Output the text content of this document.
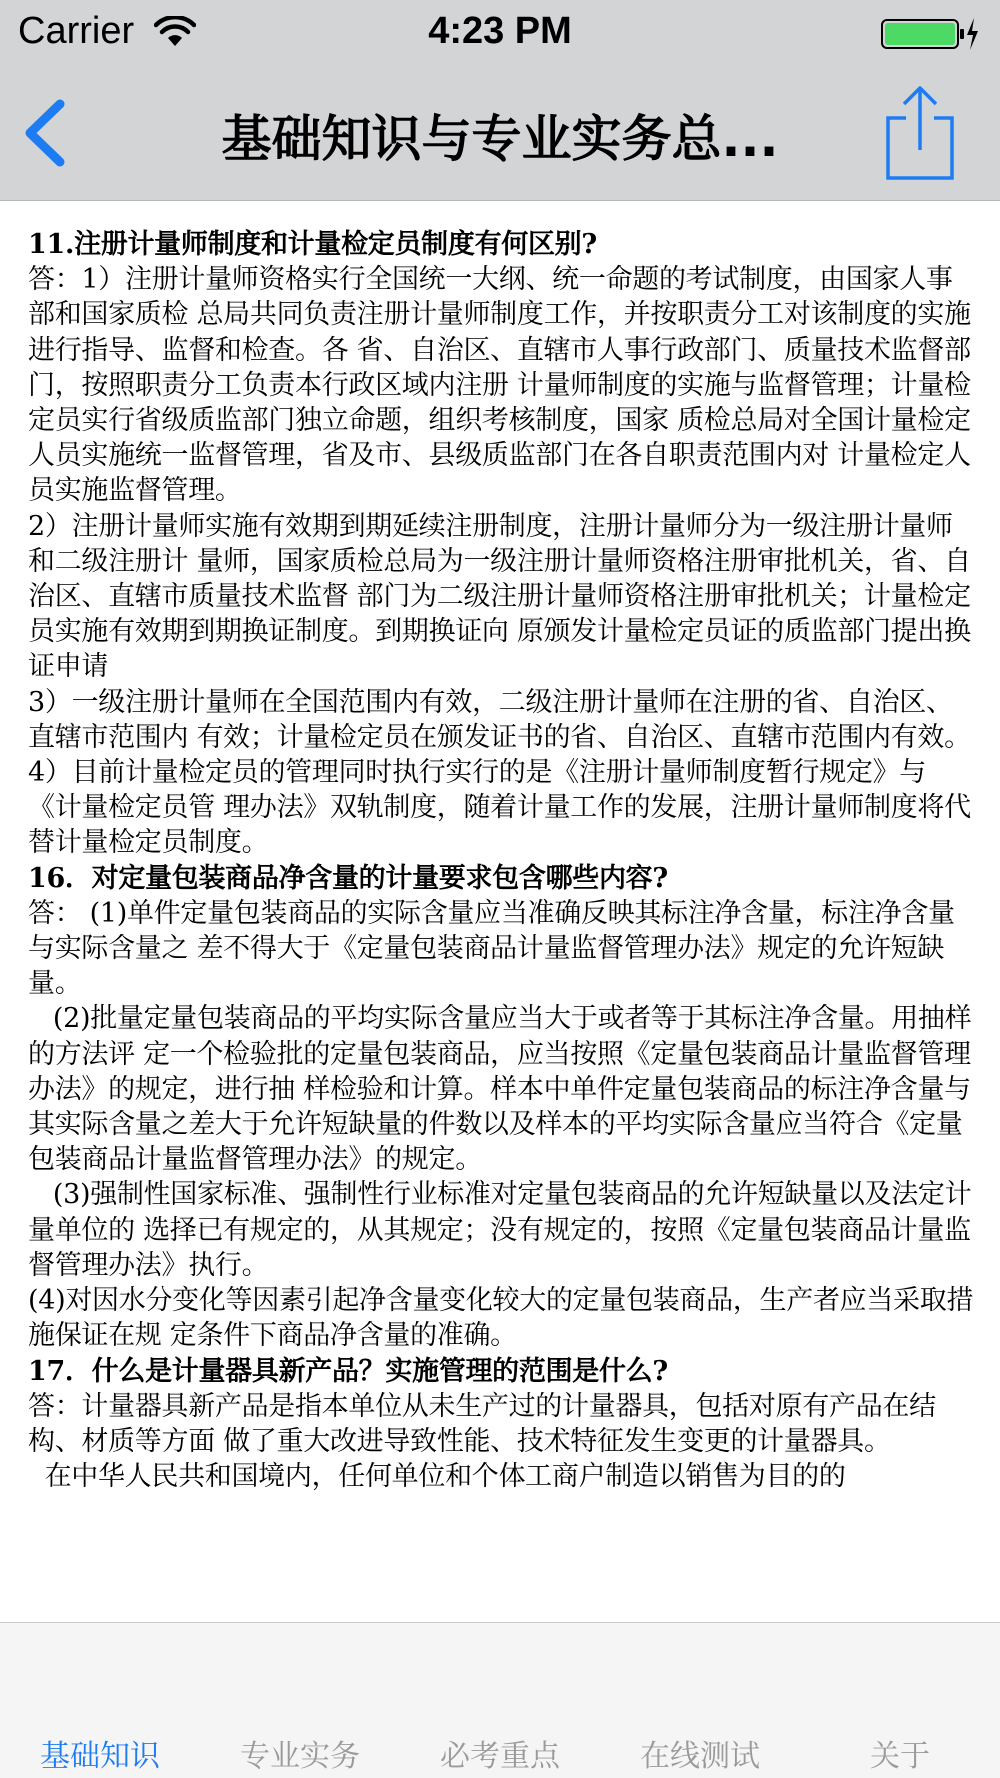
Carrier	4:23 PM
基础知识与专业实务总...

11.注册计量师制度和计量检定员制度有何区别?

答：1）注册计量师资格实行全国统一大纲、统一命题的考试制度，由国家人事部和国家质检 总局共同负责注册计量师制度工作，并按职责分工对该制度的实施进行指导、监督和检查。各 省、自治区、直辖市人事行政部门、质量技术监督部门，按照职责分工负责本行政区域内注册 计量师制度的实施与监督管理；计量检定员实行省级质监部门独立命题，组织考核制度，国家 质检总局对全国计量检定人员实施统一监督管理，省及市、县级质监部门在各自职责范围内对 计量检定人员实施监督管理。

2）注册计量师实施有效期到期延续注册制度，注册计量师分为一级注册计量师和二级注册计 量师，国家质检总局为一级注册计量师资格注册审批机关，省、自治区、直辖市质量技术监督 部门为二级注册计量师资格注册审批机关；计量检定员实施有效期到期换证制度。到期换证向 原颁发计量检定员证的质监部门提出换证申请

3）一级注册计量师在全国范围内有效，二级注册计量师在注册的省、自治区、直辖市范围内 有效；计量检定员在颁发证书的省、自治区、直辖市范围内有效。

4）目前计量检定员的管理同时执行实行的是《注册计量师制度暂行规定》与《计量检定员管 理办法》双轨制度，随着计量工作的发展，注册计量师制度将代替计量检定员制度。

16．对定量包装商品净含量的计量要求包含哪些内容?

答： (1)单件定量包装商品的实际含量应当准确反映其标注净含量，标注净含量与实际含量之 差不得大于《定量包装商品计量监督管理办法》规定的允许短缺量。

(2)批量定量包装商品的平均实际含量应当大于或者等于其标注净含量。用抽样的方法评 定一个检验批的定量包装商品，应当按照《定量包装商品计量监督管理办法》的规定，进行抽 样检验和计算。样本中单件定量包装商品的标注净含量与其实际含量之差大于允许短缺量的件数以及样本的平均实际含量应当符合《定量包装商品计量监督管理办法》的规定。

(3)强制性国家标准、强制性行业标准对定量包装商品的允许短缺量以及法定计量单位的 选择已有规定的，从其规定；没有规定的，按照《定量包装商品计量监督管理办法》执行。

(4)对因水分变化等因素引起净含量变化较大的定量包装商品，生产者应当采取措施保证在规 定条件下商品净含量的准确。

17．什么是计量器具新产品？实施管理的范围是什么?

答：计量器具新产品是指本单位从未生产过的计量器具，包括对原有产品在结构、材质等方面 做了重大改进导致性能、技术特征发生变更的计量器具。

在中华人民共和国境内，任何单位和个体工商户制造以销售为目的的

基础知识	专业实务	必考重点	在线测试	关于
